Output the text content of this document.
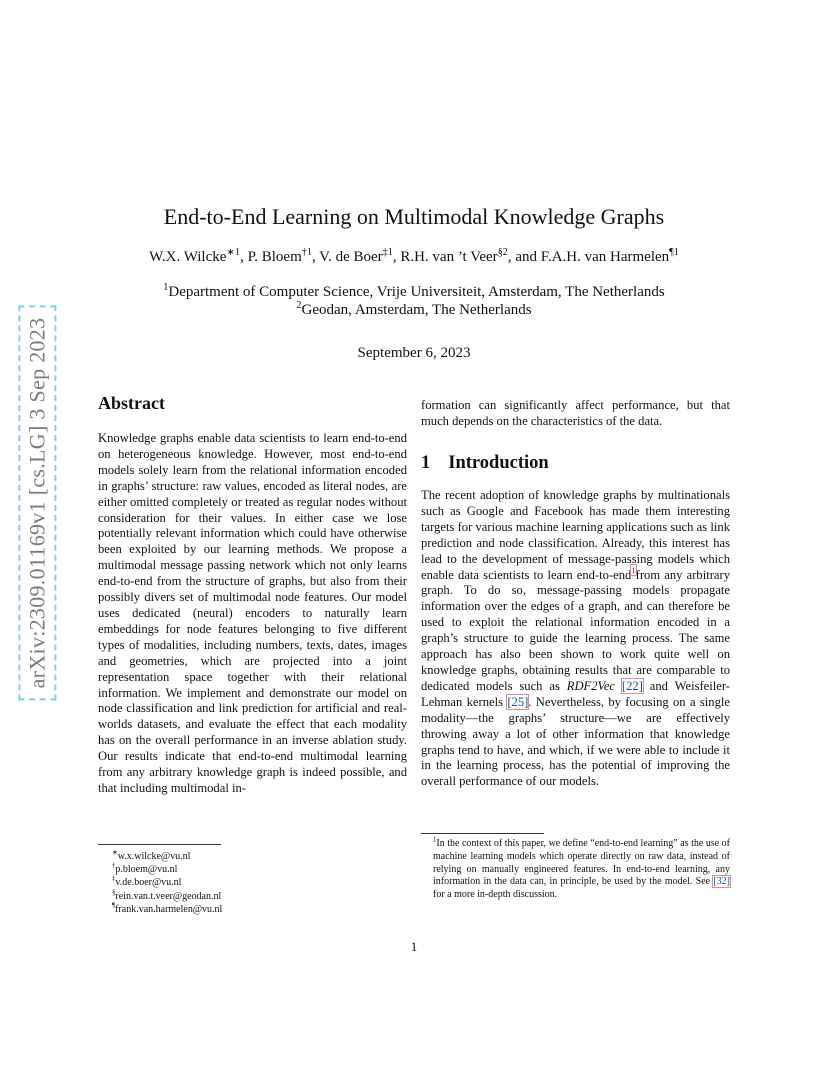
arXiv:2309.01169v1 [cs.LG] 3 Sep 2023
End-to-End Learning on Multimodal Knowledge Graphs
W.X. Wilcke$^{∗1}$, P. Bloem$^{\dagger 1}$, V. de Boer$^{\ddagger 1}$, R.H. van ’t Veer$^{\S 2}$, and F.A.H. van Harmelen$^{\P 1}$
$^1$Department of Computer Science, Vrije Universiteit, Amsterdam, The Netherlands
$^2$Geodan, Amsterdam, The Netherlands
September 6, 2023
Abstract
Knowledge graphs enable data scientists to learn end-to-end on heterogeneous knowledge. However, most end-to-end models solely learn from the relational information encoded in graphs’ structure: raw values, encoded as literal nodes, are either omitted completely or treated as regular nodes without consideration for their values. In either case we lose potentially relevant information which could have otherwise been exploited by our learning methods. We propose a multimodal message passing network which not only learns end-to-end from the structure of graphs, but also from their possibly divers set of multimodal node features. Our model uses dedicated (neural) encoders to naturally learn embeddings for node features belonging to five different types of modalities, including numbers, texts, dates, images and geometries, which are projected into a joint representation space together with their relational information. We implement and demonstrate our model on node classification and link prediction for artificial and real-worlds datasets, and evaluate the effect that each modality has on the overall performance in an inverse ablation study. Our results indicate that end-to-end multimodal learning from any arbitrary knowledge graph is indeed possible, and that including multimodal in-
formation can significantly affect performance, but that much depends on the characteristics of the data.
1 Introduction
The recent adoption of knowledge graphs by multinationals such as Google and Facebook has made them interesting targets for various machine learning applications such as link prediction and node classification. Already, this interest has lead to the development of message-passing models which enable data scientists to learn end-to-end$^1$from any arbitrary graph. To do so, message-passing models propagate information over the edges of a graph, and can therefore be used to exploit the relational information encoded in a graph’s structure to guide the learning process. The same approach has also been shown to work quite well on knowledge graphs, obtaining results that are comparable to dedicated models such as RDF2Vec [22] and Weisfeiler-Lehman kernels [25]. Nevertheless, by focusing on a single modality—the graphs’ structure—we are effectively throwing away a lot of other information that knowledge graphs tend to have, and which, if we were able to include it in the learning process, has the potential of improving the overall performance of our models.
∗w.x.wilcke@vu.nl
†p.bloem@vu.nl
‡v.de.boer@vu.nl
§rein.van.t.veer@geodan.nl
¶frank.van.harmelen@vu.nl
$^1$In the context of this paper, we define “end-to-end learning” as the use of machine learning models which operate directly on raw data, instead of relying on manually engineered features. In end-to-end learning, any information in the data can, in principle, be used by the model. See [32] for a more in-depth discussion.
1
